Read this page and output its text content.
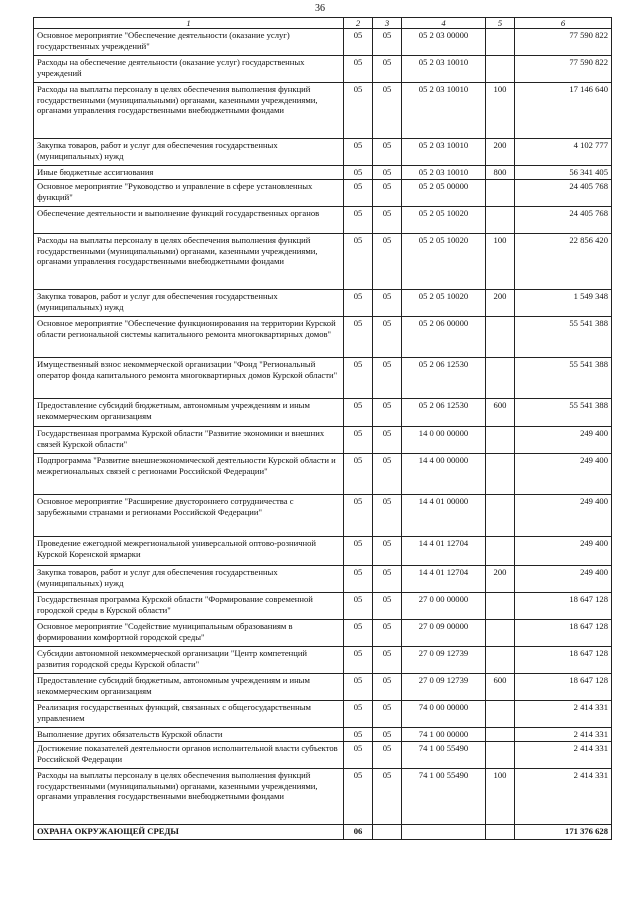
36
1	2	3	4	5	6
Основное мероприятие "Обеспечение деятельности (оказание услуг) государственных учреждений"	05	05	05 2 03 00000		77 590 822
Расходы на обеспечение деятельности (оказание услуг) государственных учреждений	05	05	05 2 03 10010		77 590 822
Расходы на выплаты персоналу в целях обеспечения выполнения функций государственными (муниципальными) органами, казенными учреждениями, органами управления государственными внебюджетными фондами	05	05	05 2 03 10010	100	17 146 640
Закупка товаров, работ и услуг для обеспечения государственных (муниципальных) нужд	05	05	05 2 03 10010	200	4 102 777
Иные бюджетные ассигнования	05	05	05 2 03 10010	800	56 341 405
Основное мероприятие "Руководство и управление в сфере установленных функций"	05	05	05 2 05 00000		24 405 768
Обеспечение деятельности и выполнение функций государственных органов	05	05	05 2 05 10020		24 405 768
Расходы на выплаты персоналу в целях обеспечения выполнения функций государственными (муниципальными) органами, казенными учреждениями, органами управления государственными внебюджетными фондами	05	05	05 2 05 10020	100	22 856 420
Закупка товаров, работ и услуг для обеспечения государственных (муниципальных) нужд	05	05	05 2 05 10020	200	1 549 348
Основное мероприятие "Обеспечение функционирования на территории Курской области региональной системы капитального ремонта многоквартирных домов"	05	05	05 2 06 00000		55 541 388
Имущественный взнос некоммерческой организации "Фонд "Региональный оператор фонда капитального ремонта многоквартирных домов Курской области"	05	05	05 2 06 12530		55 541 388
Предоставление субсидий бюджетным, автономным учреждениям и иным некоммерческим организациям	05	05	05 2 06 12530	600	55 541 388
Государственная программа Курской области "Развитие экономики и внешних связей Курской области"	05	05	14 0 00 00000		249 400
Подпрограмма "Развитие внешнеэкономической деятельности Курской области и межрегиональных связей с регионами Российской Федерации"	05	05	14 4 00 00000		249 400
Основное мероприятие "Расширение двустороннего сотрудничества с зарубежными странами и регионами Российской Федерации"	05	05	14 4 01 00000		249 400
Проведение ежегодной межрегиональной универсальной оптово-розничной Курской Коренской ярмарки	05	05	14 4 01 12704		249 400
Закупка товаров, работ и услуг для обеспечения государственных (муниципальных) нужд	05	05	14 4 01 12704	200	249 400
Государственная программа Курской области "Формирование современной городской среды в Курской области"	05	05	27 0 00 00000		18 647 128
Основное мероприятие "Содействие муниципальным образованиям в формировании комфортной городской среды"	05	05	27 0 09 00000		18 647 128
Субсидии автономной некоммерческой организации "Центр компетенций развития городской среды Курской области"	05	05	27 0 09 12739		18 647 128
Предоставление субсидий бюджетным, автономным учреждениям и иным некоммерческим организациям	05	05	27 0 09 12739	600	18 647 128
Реализация государственных функций, связанных с общегосударственным управлением	05	05	74 0 00 00000		2 414 331
Выполнение других обязательств Курской области	05	05	74 1 00 00000		2 414 331
Достижение показателей деятельности органов исполнительной власти субъектов Российской Федерации	05	05	74 1 00 55490		2 414 331
Расходы на выплаты персоналу в целях обеспечения выполнения функций государственными (муниципальными) органами, казенными учреждениями, органами управления государственными внебюджетными фондами	05	05	74 1 00 55490	100	2 414 331
ОХРАНА ОКРУЖАЮЩЕЙ СРЕДЫ	06				171 376 628
